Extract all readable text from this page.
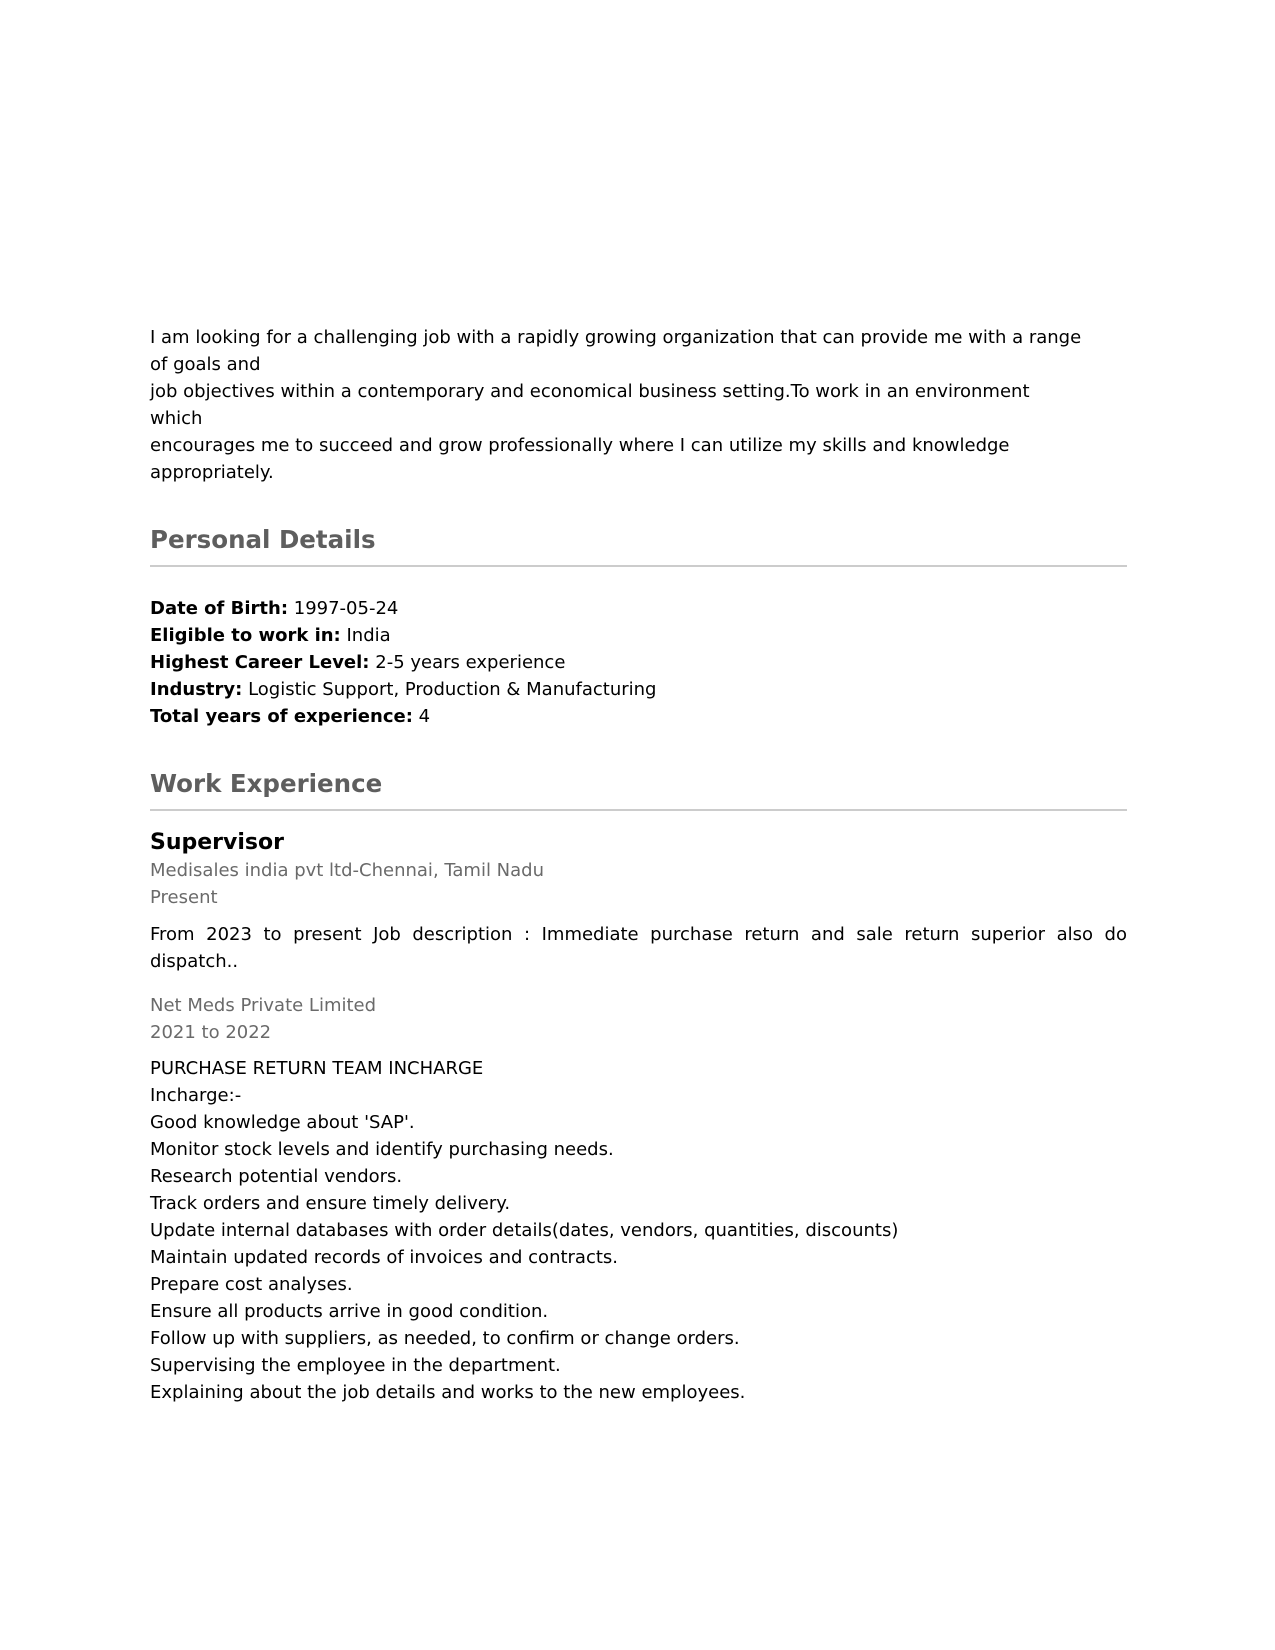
I am looking for a challenging job with a rapidly growing organization that can provide me with a range
of goals and
job objectives within a contemporary and economical business setting.To work in an environment
which
encourages me to succeed and grow professionally where I can utilize my skills and knowledge
appropriately.
Personal Details
Date of Birth: 1997-05-24
Eligible to work in: India
Highest Career Level: 2-5 years experience
Industry: Logistic Support, Production & Manufacturing
Total years of experience: 4
Work Experience
Supervisor
Medisales india pvt ltd-Chennai, Tamil Nadu
Present
From 2023 to present Job description : Immediate purchase return and sale return superior also do dispatch..
Net Meds Private Limited
2021 to 2022
PURCHASE RETURN TEAM INCHARGE
Incharge:-
Good knowledge about 'SAP'.
Monitor stock levels and identify purchasing needs.
Research potential vendors.
Track orders and ensure timely delivery.
Update internal databases with order details(dates, vendors, quantities, discounts)
Maintain updated records of invoices and contracts.
Prepare cost analyses.
Ensure all products arrive in good condition.
Follow up with suppliers, as needed, to confirm or change orders.
Supervising the employee in the department.
Explaining about the job details and works to the new employees.
